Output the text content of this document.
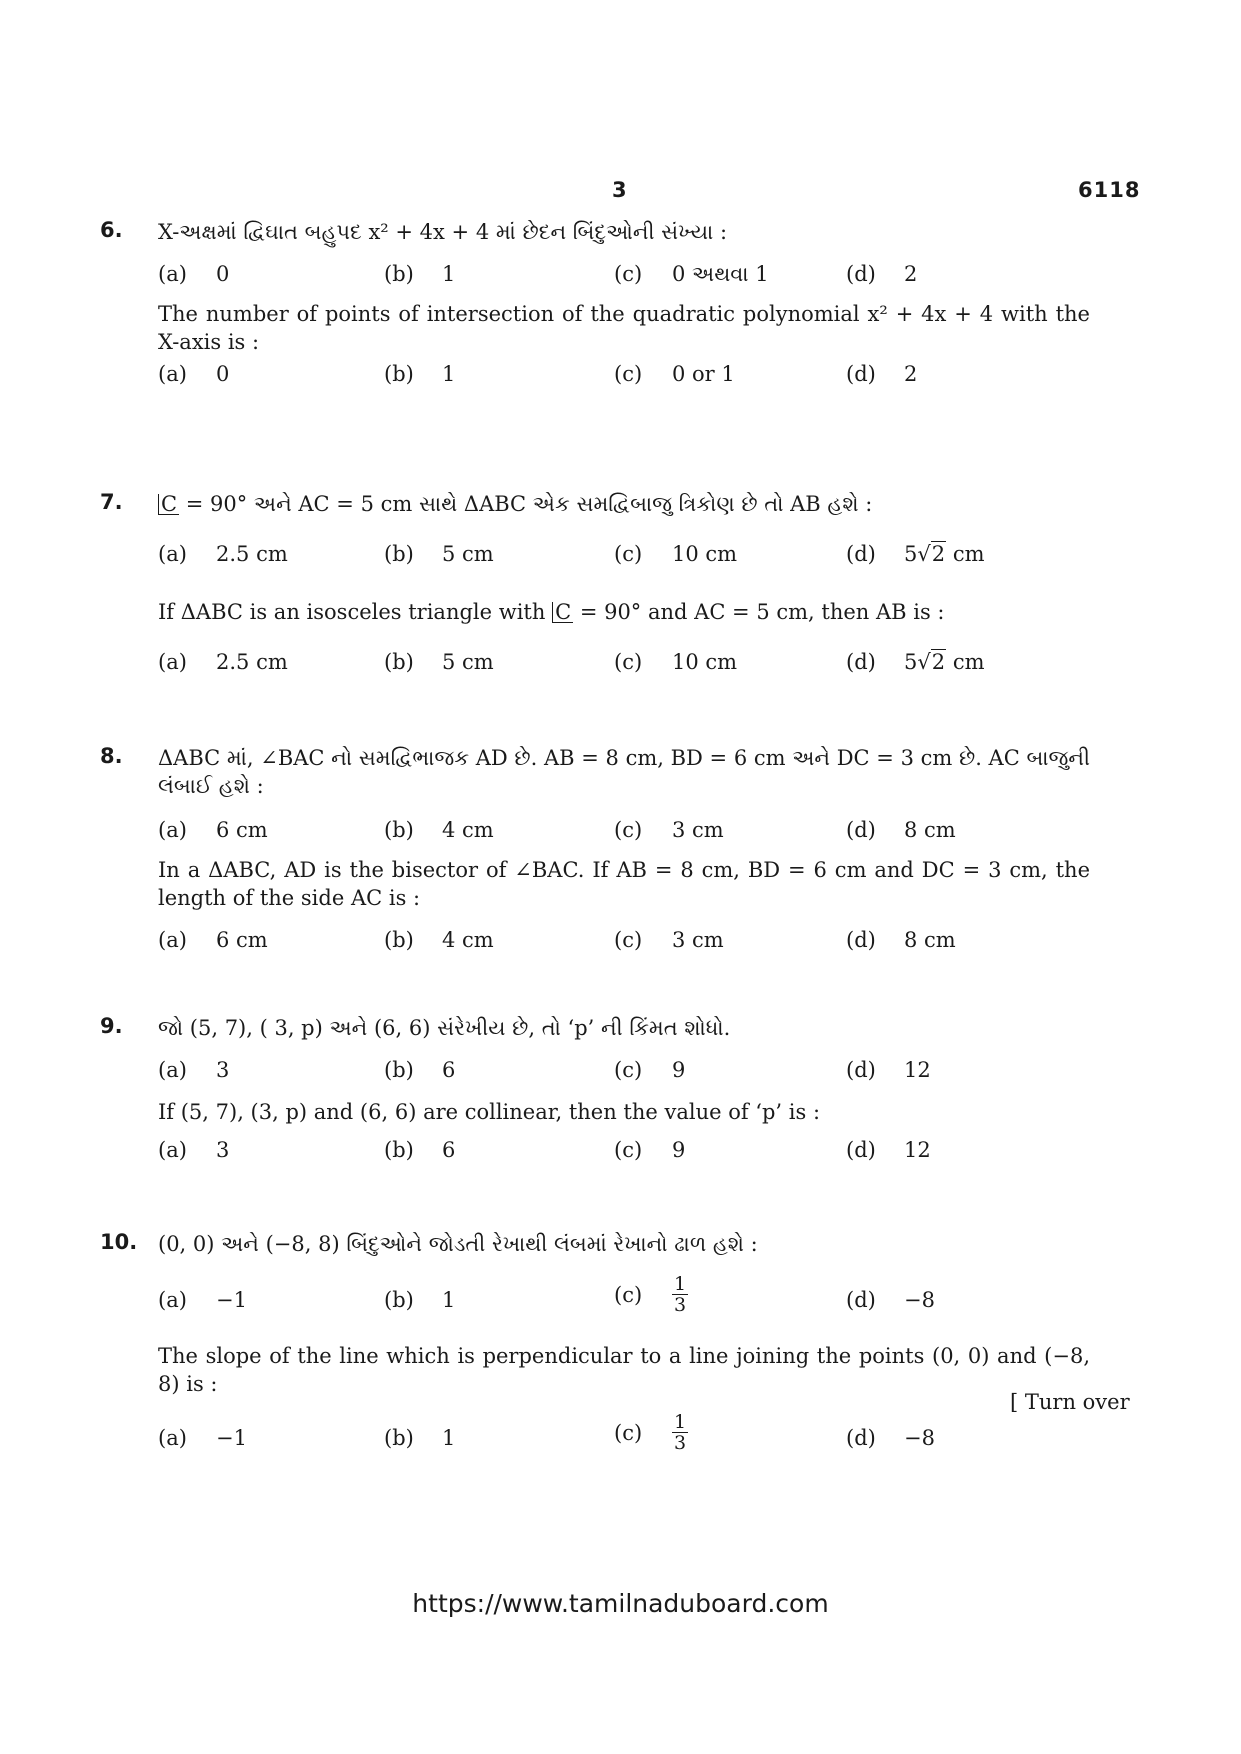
3	6118
6. X-અક્ષમાં દ્વિઘાત બહુપદ x² + 4x + 4 માં છેદન બિંદુઓની સંખ્યા :
(a) 0	(b) 1	(c) 0 અથવા 1	(d) 2
The number of points of intersection of the quadratic polynomial x² + 4x + 4 with the X-axis is :
(a) 0	(b) 1	(c) 0 or 1	(d) 2
7. C = 90° અને AC = 5 cm સાથે ΔABC એક સમદ્વિબાજુ ત્રિકોણ છે તો AB હશે :
(a) 2.5 cm	(b) 5 cm	(c) 10 cm	(d) 5√2 cm
If ΔABC is an isosceles triangle with C = 90° and AC = 5 cm, then AB is :
(a) 2.5 cm	(b) 5 cm	(c) 10 cm	(d) 5√2 cm
8. ΔABC માં, ∠BAC નો સમદ્વિભાજક AD છે. AB = 8 cm, BD = 6 cm અને DC = 3 cm છે. AC બાજુની લંબાઈ હશે :
(a) 6 cm	(b) 4 cm	(c) 3 cm	(d) 8 cm
In a ΔABC, AD is the bisector of ∠BAC. If AB = 8 cm, BD = 6 cm and DC = 3 cm, the length of the side AC is :
(a) 6 cm	(b) 4 cm	(c) 3 cm	(d) 8 cm
9. જો (5, 7), ( 3, p) અને (6, 6) સંરેખીય છે, તો ‘p’ ની કિંમત શોધો.
(a) 3	(b) 6	(c) 9	(d) 12
If (5, 7), (3, p) and (6, 6) are collinear, then the value of ‘p’ is :
(a) 3	(b) 6	(c) 9	(d) 12
10. (0, 0) અને (−8, 8) બિંદુઓને જોડતી રેખાથી લંબમાં રેખાનો ઢાળ હશે :
(a) −1	(b) 1	$(c) \frac{1}{3}$	(d) −8
The slope of the line which is perpendicular to a line joining the points (0, 0) and (−8, 8) is :
(a) −1	(b) 1	$(c) \frac{1}{3}$	(d) −8
[ Turn over
https://www.tamilnaduboard.com
